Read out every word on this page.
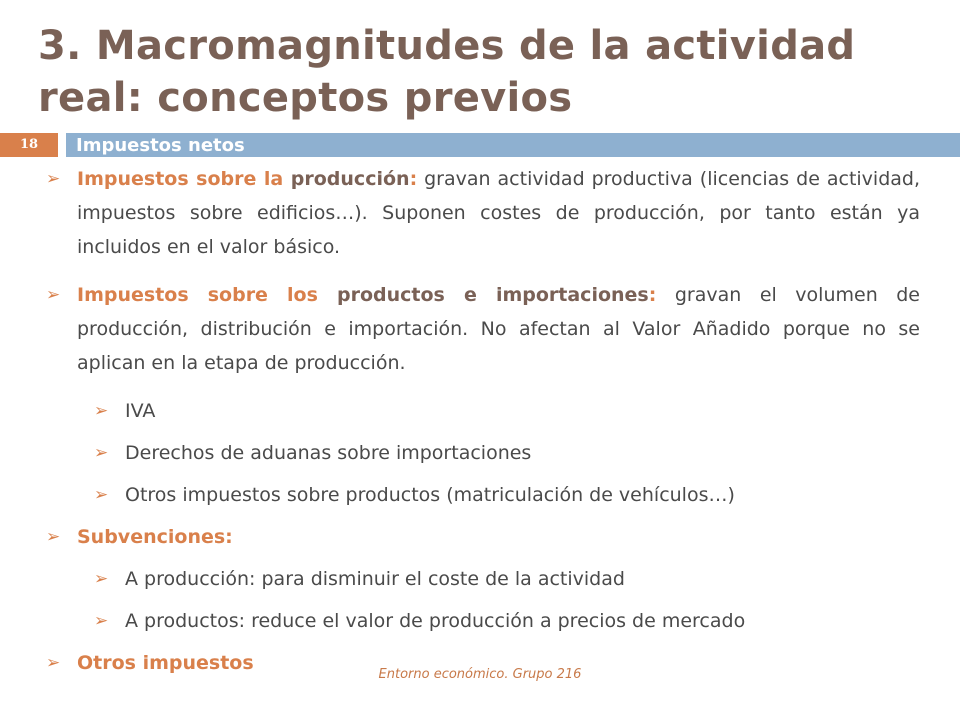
3. Macromagnitudes de la actividad real: conceptos previos
18	Impuestos netos
➢ Impuestos sobre la producción: gravan actividad productiva (licencias de actividad, impuestos sobre edificios…). Suponen costes de producción, por tanto están ya incluidos en el valor básico.
➢ Impuestos sobre los productos e importaciones: gravan el volumen de producción, distribución e importación. No afectan al Valor Añadido porque no se aplican en la etapa de producción.
➢ IVA
➢ Derechos de aduanas sobre importaciones
➢ Otros impuestos sobre productos (matriculación de vehículos…)
➢ Subvenciones:
➢ A producción: para disminuir el coste de la actividad
➢ A productos: reduce el valor de producción a precios de mercado
➢ Otros impuestos
Entorno económico. Grupo 216
